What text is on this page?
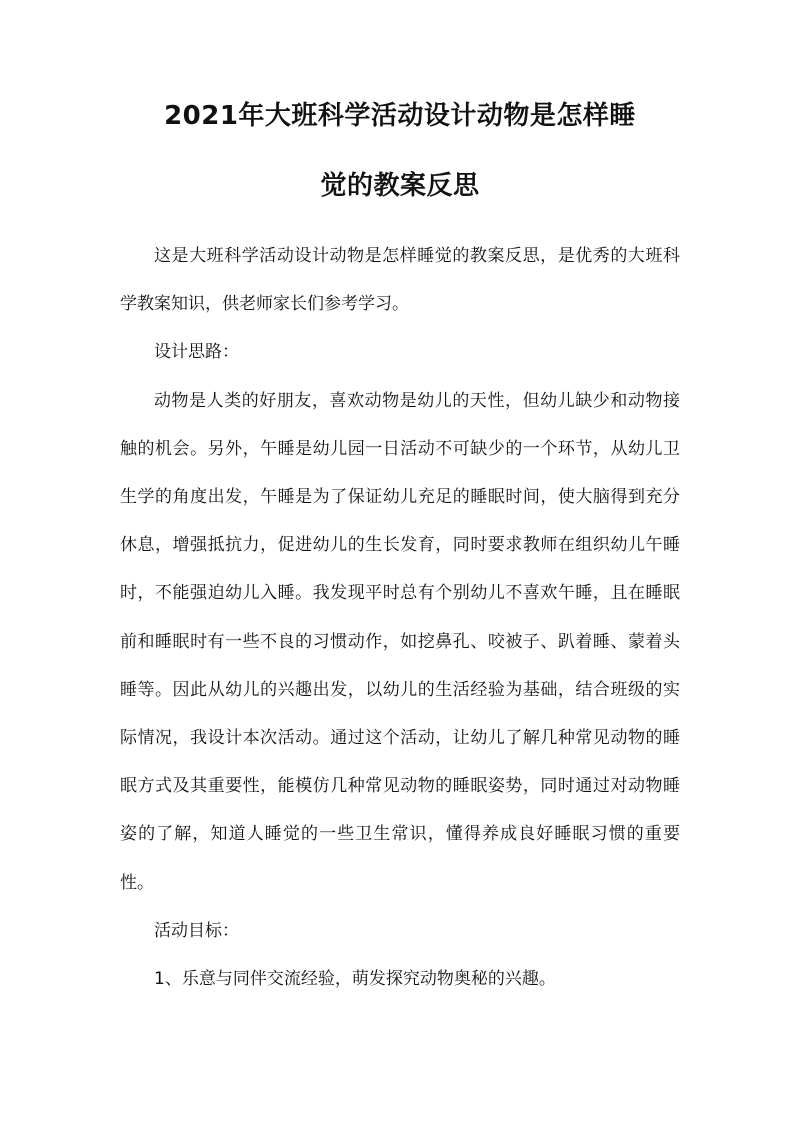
2021年大班科学活动设计动物是怎样睡
觉的教案反思

这是大班科学活动设计动物是怎样睡觉的教案反思，是优秀的大班科学教案知识，供老师家长们参考学习。

设计思路：

动物是人类的好朋友，喜欢动物是幼儿的天性，但幼儿缺少和动物接触的机会。另外，午睡是幼儿园一日活动不可缺少的一个环节，从幼儿卫生学的角度出发，午睡是为了保证幼儿充足的睡眠时间，使大脑得到充分休息，增强抵抗力，促进幼儿的生长发育，同时要求教师在组织幼儿午睡时，不能强迫幼儿入睡。我发现平时总有个别幼儿不喜欢午睡，且在睡眠前和睡眠时有一些不良的习惯动作，如挖鼻孔、咬被子、趴着睡、蒙着头睡等。因此从幼儿的兴趣出发，以幼儿的生活经验为基础，结合班级的实际情况，我设计本次活动。通过这个活动，让幼儿了解几种常见动物的睡眠方式及其重要性，能模仿几种常见动物的睡眠姿势，同时通过对动物睡姿的了解，知道人睡觉的一些卫生常识，懂得养成良好睡眠习惯的重要性。

活动目标：

1、乐意与同伴交流经验，萌发探究动物奥秘的兴趣。
